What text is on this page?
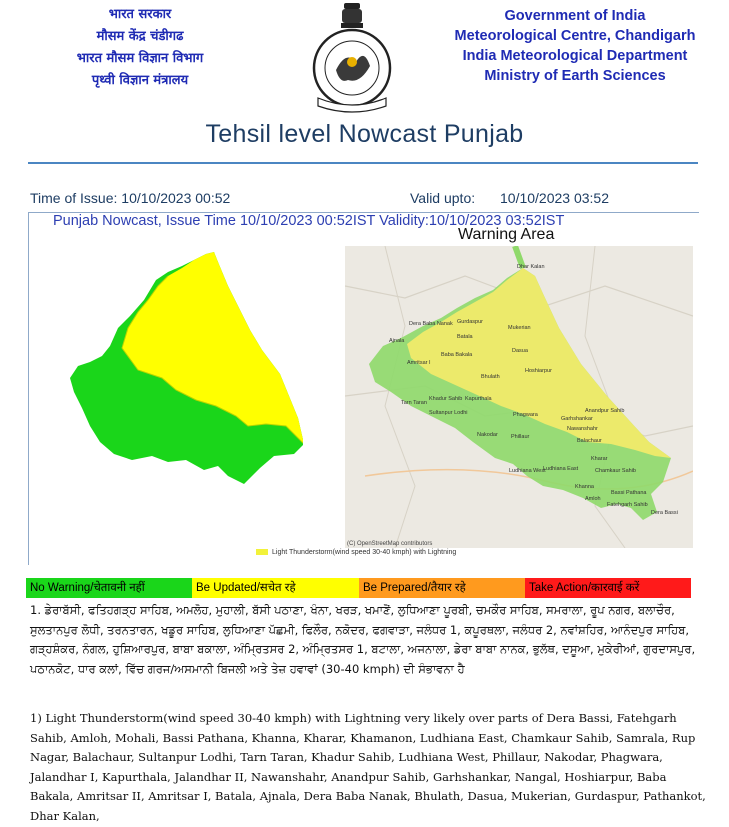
भारत सरकार
मौसम केंद्र चंडीगढ
भारत मौसम विज्ञान विभाग
पृथ्वी विज्ञान मंत्रालय
Government of India
Meteorological Centre, Chandigarh
India Meteorological Department
Ministry of Earth Sciences
Tehsil level Nowcast Punjab
Time of Issue: 10/10/2023 00:52	Valid upto: 10/10/2023 03:52
Punjab Nowcast, Issue Time 10/10/2023 00:52IST Validity:10/10/2023 03:52IST
Warning Area
Dhar Kalan
Dera Baba Nanak Gurdaspur
Mukerian
Ajnala
Batala
Dasua
Baba Bakala
Amritsar I
Bhulath
Hoshiarpur
Tarn Taran
Khadur Sahib Kapurthala
Sultanpur Lodhi	Phagwara
Nakodar Phillaur
Garhshankar
Nawanshahr
Balachaur
Ludhiana West
Ludhiana East
Anandpur Sahib
Kharar
Chamkaur Sahib
Khanna
Bassi Pathana
Amloh
Fatehgarh Sahib
Dera Bassi
(C) OpenStreetMap contributors
Light Thunderstorm(wind speed 30-40 kmph) with Lightning
No Warning/चेतावनी नहीं	Be Updated/सचेत रहे	Be Prepared/तैयार रहे	Take Action/कारवाई करें
1. ਡੇਰਾਬੱਸੀ, ਫਤਿਹਗੜ੍ਹ ਸਾਹਿਬ, ਅਮਲੋਹ, ਮੁਹਾਲੀ, ਬੱਸੀ ਪਠਾਣਾ, ਖੰਨਾ, ਖਰੜ, ਖਮਾਣੋਂ, ਲੁਧਿਆਣਾ ਪੂਰਬੀ, ਚਮਕੌਰ ਸਾਹਿਬ, ਸਮਰਾਲਾ, ਰੂਪ ਨਗਰ, ਬਲਾਚੌਰ, ਸੁਲਤਾਨਪੁਰ ਲੋਧੀ, ਤਰਨਤਾਰਨ, ਖਡੂਰ ਸਾਹਿਬ, ਲੁਧਿਆਣਾ ਪੱਛਮੀ, ਫਿਲੌਰ, ਨਕੋਦਰ, ਫਗਵਾੜਾ, ਜਲੰਧਰ 1, ਕਪੂਰਥਲਾ, ਜਲੰਧਰ 2, ਨਵਾਂਸ਼ਹਿਰ, ਆਨੰਦਪੁਰ ਸਾਹਿਬ, ਗੜ੍ਹਸ਼ੰਕਰ, ਨੰਗਲ, ਹੁਸ਼ਿਆਰਪੁਰ, ਬਾਬਾ ਬਕਾਲਾ, ਅੰਮ੍ਰਿਤਸਰ 2, ਅੰਮ੍ਰਿਤਸਰ 1, ਬਟਾਲਾ, ਅਜਨਾਲਾ, ਡੇਰਾ ਬਾਬਾ ਨਾਨਕ, ਭੁਲੱਥ, ਦਸੂਆ, ਮੁਕੇਰੀਆਂ, ਗੁਰਦਾਸਪੁਰ, ਪਠਾਨਕੋਟ, ਧਾਰ ਕਲਾਂ, ਵਿੱਚ ਗਰਜ/ਅਸਮਾਨੀ ਬਿਜਲੀ ਅਤੇ ਤੇਜ਼ ਹਵਾਵਾਂ (30-40 kmph) ਦੀ ਸੰਭਾਵਨਾ ਹੈ
1) Light Thunderstorm(wind speed 30-40 kmph) with Lightning very likely over parts of Dera Bassi, Fatehgarh Sahib, Amloh, Mohali, Bassi Pathana, Khanna, Kharar, Khamanon, Ludhiana East, Chamkaur Sahib, Samrala, Rup Nagar, Balachaur, Sultanpur Lodhi, Tarn Taran, Khadur Sahib, Ludhiana West, Phillaur, Nakodar, Phagwara, Jalandhar I, Kapurthala, Jalandhar II, Nawanshahr, Anandpur Sahib, Garhshankar, Nangal, Hoshiarpur, Baba Bakala, Amritsar II, Amritsar I, Batala, Ajnala, Dera Baba Nanak, Bhulath, Dasua, Mukerian, Gurdaspur, Pathankot, Dhar Kalan,
